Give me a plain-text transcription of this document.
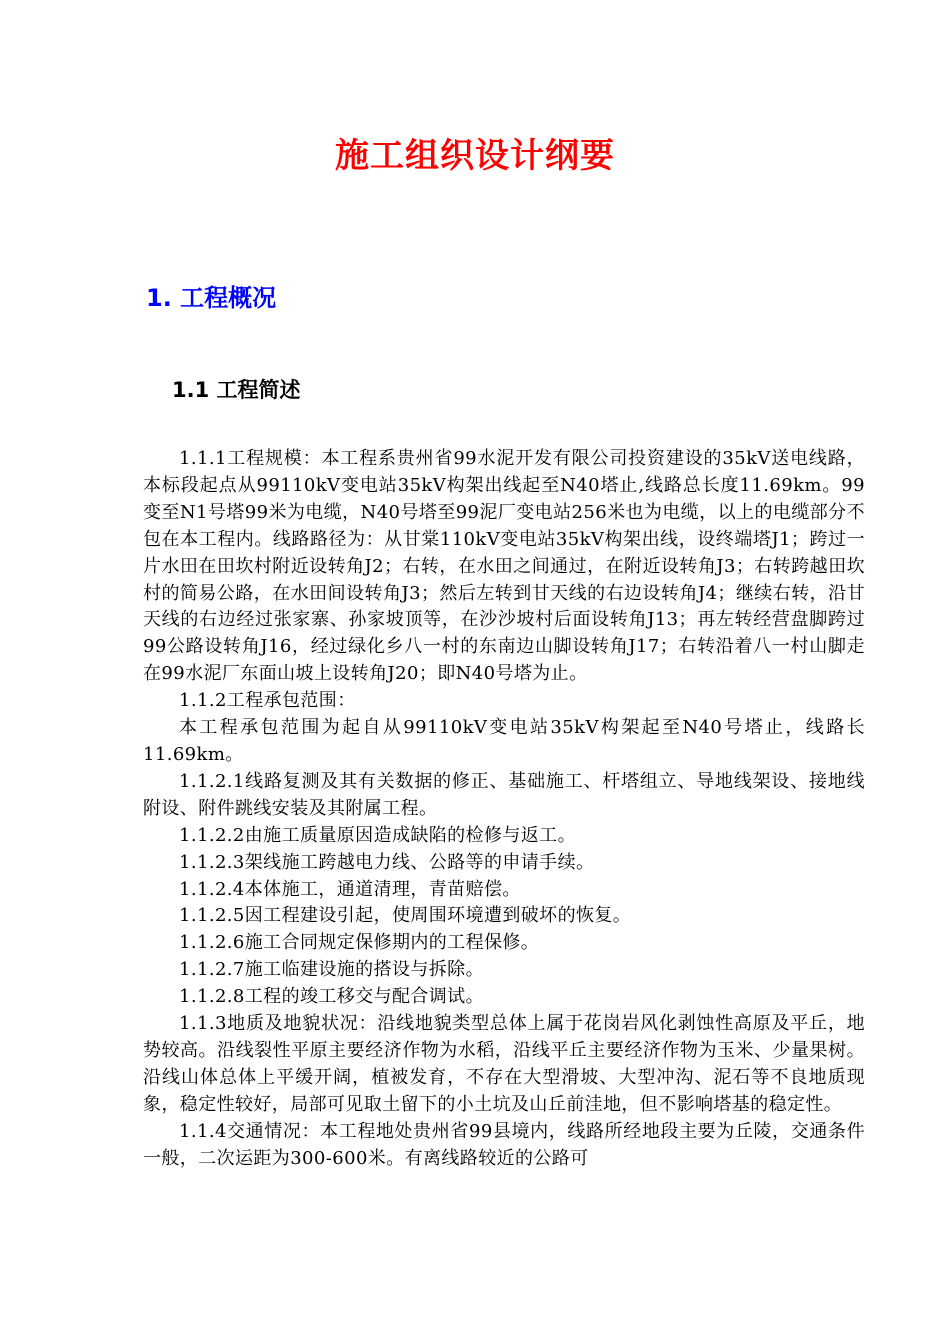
施工组织设计纲要
1. 工程概况
1.1 工程简述

1.1.1工程规模：本工程系贵州省99水泥开发有限公司投资建设的35kV送电线路，本标段起点从99110kV变电站35kV构架出线起至N40塔止,线路总长度11.69km。99变至N1号塔99米为电缆，N40号塔至99泥厂变电站256米也为电缆，以上的电缆部分不包在本工程内。线路路径为：从甘棠110kV变电站35kV构架出线，设终端塔J1；跨过一片水田在田坎村附近设转角J2；右转，在水田之间通过，在附近设转角J3；右转跨越田坎村的简易公路，在水田间设转角J3；然后左转到甘天线的右边设转角J4；继续右转，沿甘天线的右边经过张家寨、孙家坡顶等，在沙沙坡村后面设转角J13；再左转经营盘脚跨过99公路设转角J16，经过绿化乡八一村的东南边山脚设转角J17；右转沿着八一村山脚走在99水泥厂东面山坡上设转角J20；即N40号塔为止。

1.1.2工程承包范围：

本工程承包范围为起自从99110kV变电站35kV构架起至N40号塔止，线路长11.69km。

1.1.2.1线路复测及其有关数据的修正、基础施工、杆塔组立、导地线架设、接地线附设、附件跳线安装及其附属工程。

1.1.2.2由施工质量原因造成缺陷的检修与返工。

1.1.2.3架线施工跨越电力线、公路等的申请手续。

1.1.2.4本体施工，通道清理，青苗赔偿。

1.1.2.5因工程建设引起，使周围环境遭到破坏的恢复。

1.1.2.6施工合同规定保修期内的工程保修。

1.1.2.7施工临建设施的搭设与拆除。

1.1.2.8工程的竣工移交与配合调试。

1.1.3地质及地貌状况：沿线地貌类型总体上属于花岗岩风化剥蚀性高原及平丘，地势较高。沿线裂性平原主要经济作物为水稻，沿线平丘主要经济作物为玉米、少量果树。沿线山体总体上平缓开阔，植被发育，不存在大型滑坡、大型冲沟、泥石等不良地质现象，稳定性较好，局部可见取土留下的小土坑及山丘前洼地，但不影响塔基的稳定性。

1.1.4交通情况：本工程地处贵州省99县境内，线路所经地段主要为丘陵，交通条件一般，二次运距为300-600米。有离线路较近的公路可
